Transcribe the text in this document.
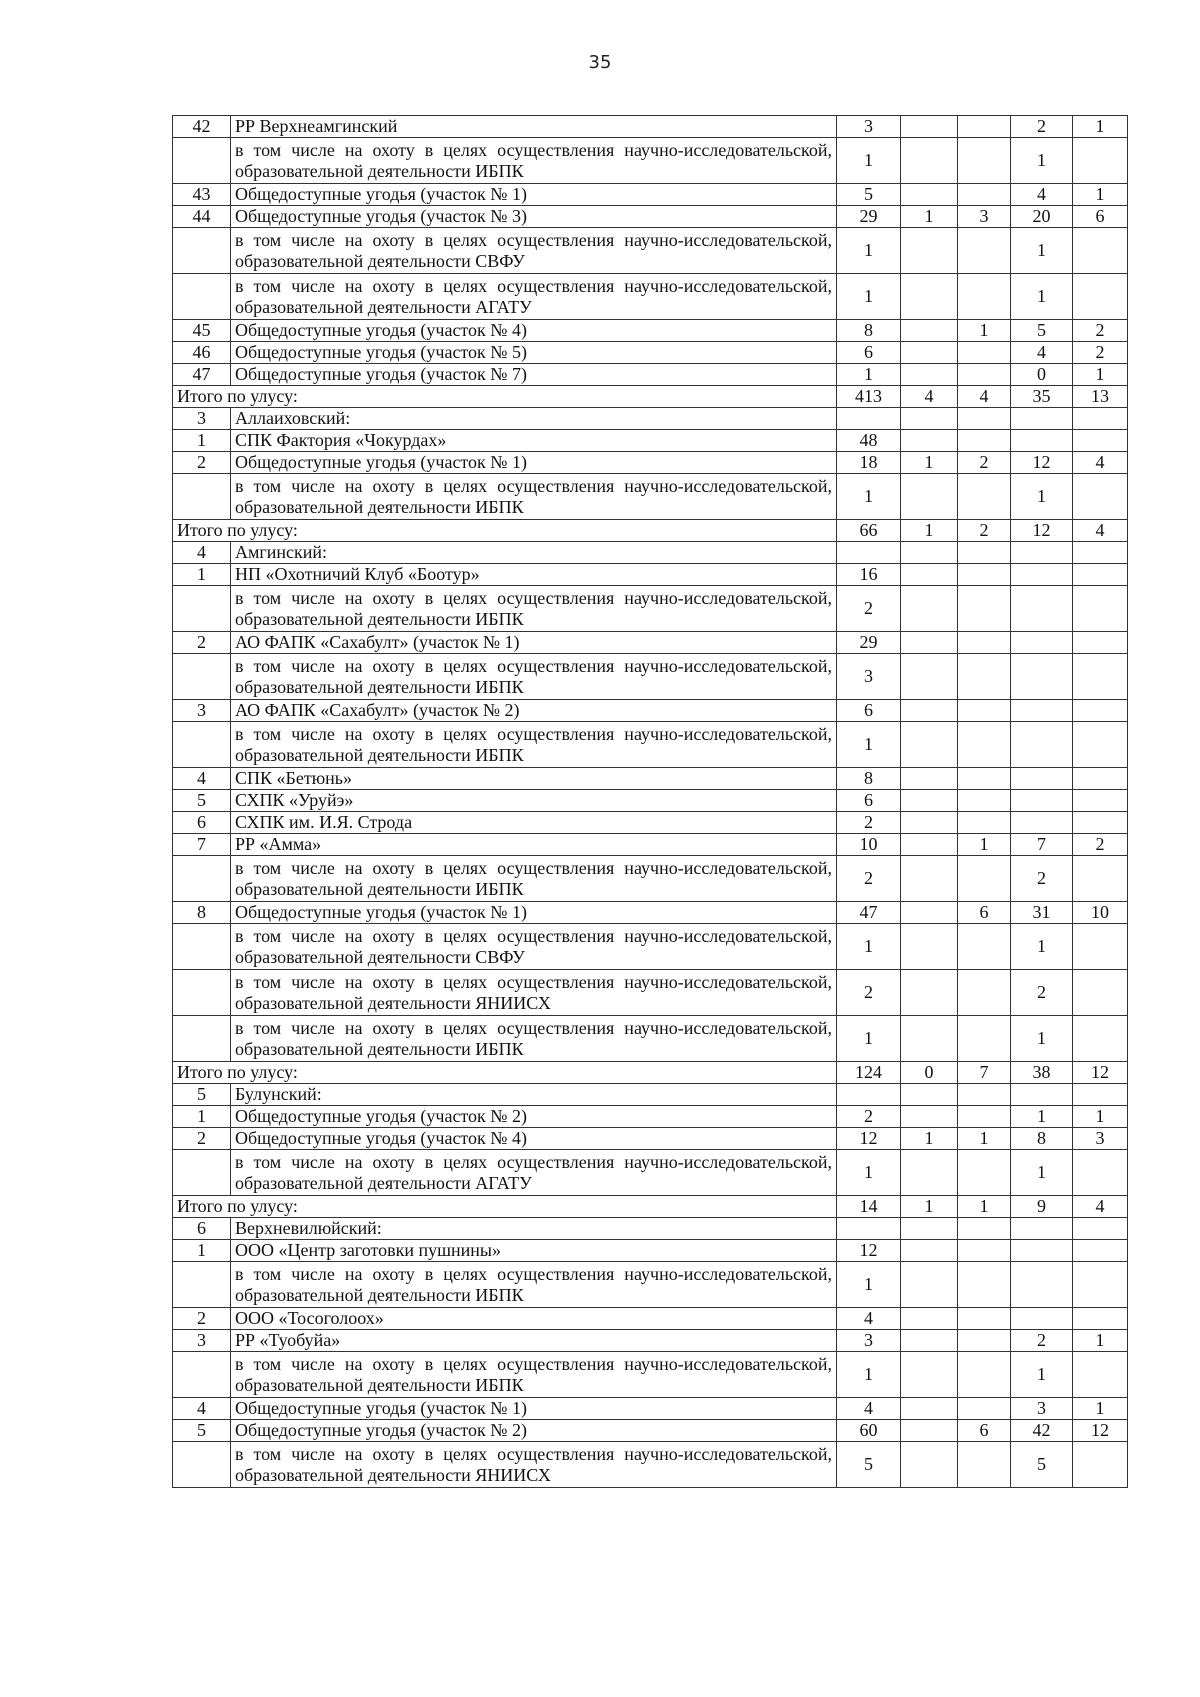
35
42	РР Верхнеамгинский	3			2	1
	в том числе на охоту в целях осуществления научно-исследовательской, образовательной деятельности ИБПК	1			1	
43	Общедоступные угодья (участок № 1)	5			4	1
44	Общедоступные угодья (участок № 3)	29	1	3	20	6
	в том числе на охоту в целях осуществления научно-исследовательской, образовательной деятельности СВФУ	1			1	
	в том числе на охоту в целях осуществления научно-исследовательской, образовательной деятельности АГАТУ	1			1	
45	Общедоступные угодья (участок № 4)	8		1	5	2
46	Общедоступные угодья (участок № 5)	6			4	2
47	Общедоступные угодья (участок № 7)	1			0	1
Итого по улусу:		413	4	4	35	13
3	Аллаиховский:					
1	СПК Фактория «Чокурдах»	48				
2	Общедоступные угодья (участок № 1)	18	1	2	12	4
	в том числе на охоту в целях осуществления научно-исследовательской, образовательной деятельности ИБПК	1			1	
Итого по улусу:		66	1	2	12	4
4	Амгинский:					
1	НП «Охотничий Клуб «Боотур»	16				
	в том числе на охоту в целях осуществления научно-исследовательской, образовательной деятельности ИБПК	2				
2	АО ФАПК «Сахабулт» (участок № 1)	29				
	в том числе на охоту в целях осуществления научно-исследовательской, образовательной деятельности ИБПК	3				
3	АО ФАПК «Сахабулт» (участок № 2)	6				
	в том числе на охоту в целях осуществления научно-исследовательской, образовательной деятельности ИБПК	1				
4	СПК «Бетюнь»	8				
5	СХПК «Уруйэ»	6				
6	СХПК им. И.Я. Строда	2				
7	РР «Амма»	10		1	7	2
	в том числе на охоту в целях осуществления научно-исследовательской, образовательной деятельности ИБПК	2			2	
8	Общедоступные угодья (участок № 1)	47		6	31	10
	в том числе на охоту в целях осуществления научно-исследовательской, образовательной деятельности СВФУ	1			1	
	в том числе на охоту в целях осуществления научно-исследовательской, образовательной деятельности ЯНИИСХ	2			2	
	в том числе на охоту в целях осуществления научно-исследовательской, образовательной деятельности ИБПК	1			1	
Итого по улусу:		124	0	7	38	12
5	Булунский:					
1	Общедоступные угодья (участок № 2)	2			1	1
2	Общедоступные угодья (участок № 4)	12	1	1	8	3
	в том числе на охоту в целях осуществления научно-исследовательской, образовательной деятельности АГАТУ	1			1	
Итого по улусу:		14	1	1	9	4
6	Верхневилюйский:					
1	ООО «Центр заготовки пушнины»	12				
	в том числе на охоту в целях осуществления научно-исследовательской, образовательной деятельности ИБПК	1				
2	ООО «Тосоголоох»	4				
3	РР «Туобуйа»	3			2	1
	в том числе на охоту в целях осуществления научно-исследовательской, образовательной деятельности ИБПК	1			1	
4	Общедоступные угодья (участок № 1)	4			3	1
5	Общедоступные угодья (участок № 2)	60		6	42	12
	в том числе на охоту в целях осуществления научно-исследовательской, образовательной деятельности ЯНИИСХ	5			5	
